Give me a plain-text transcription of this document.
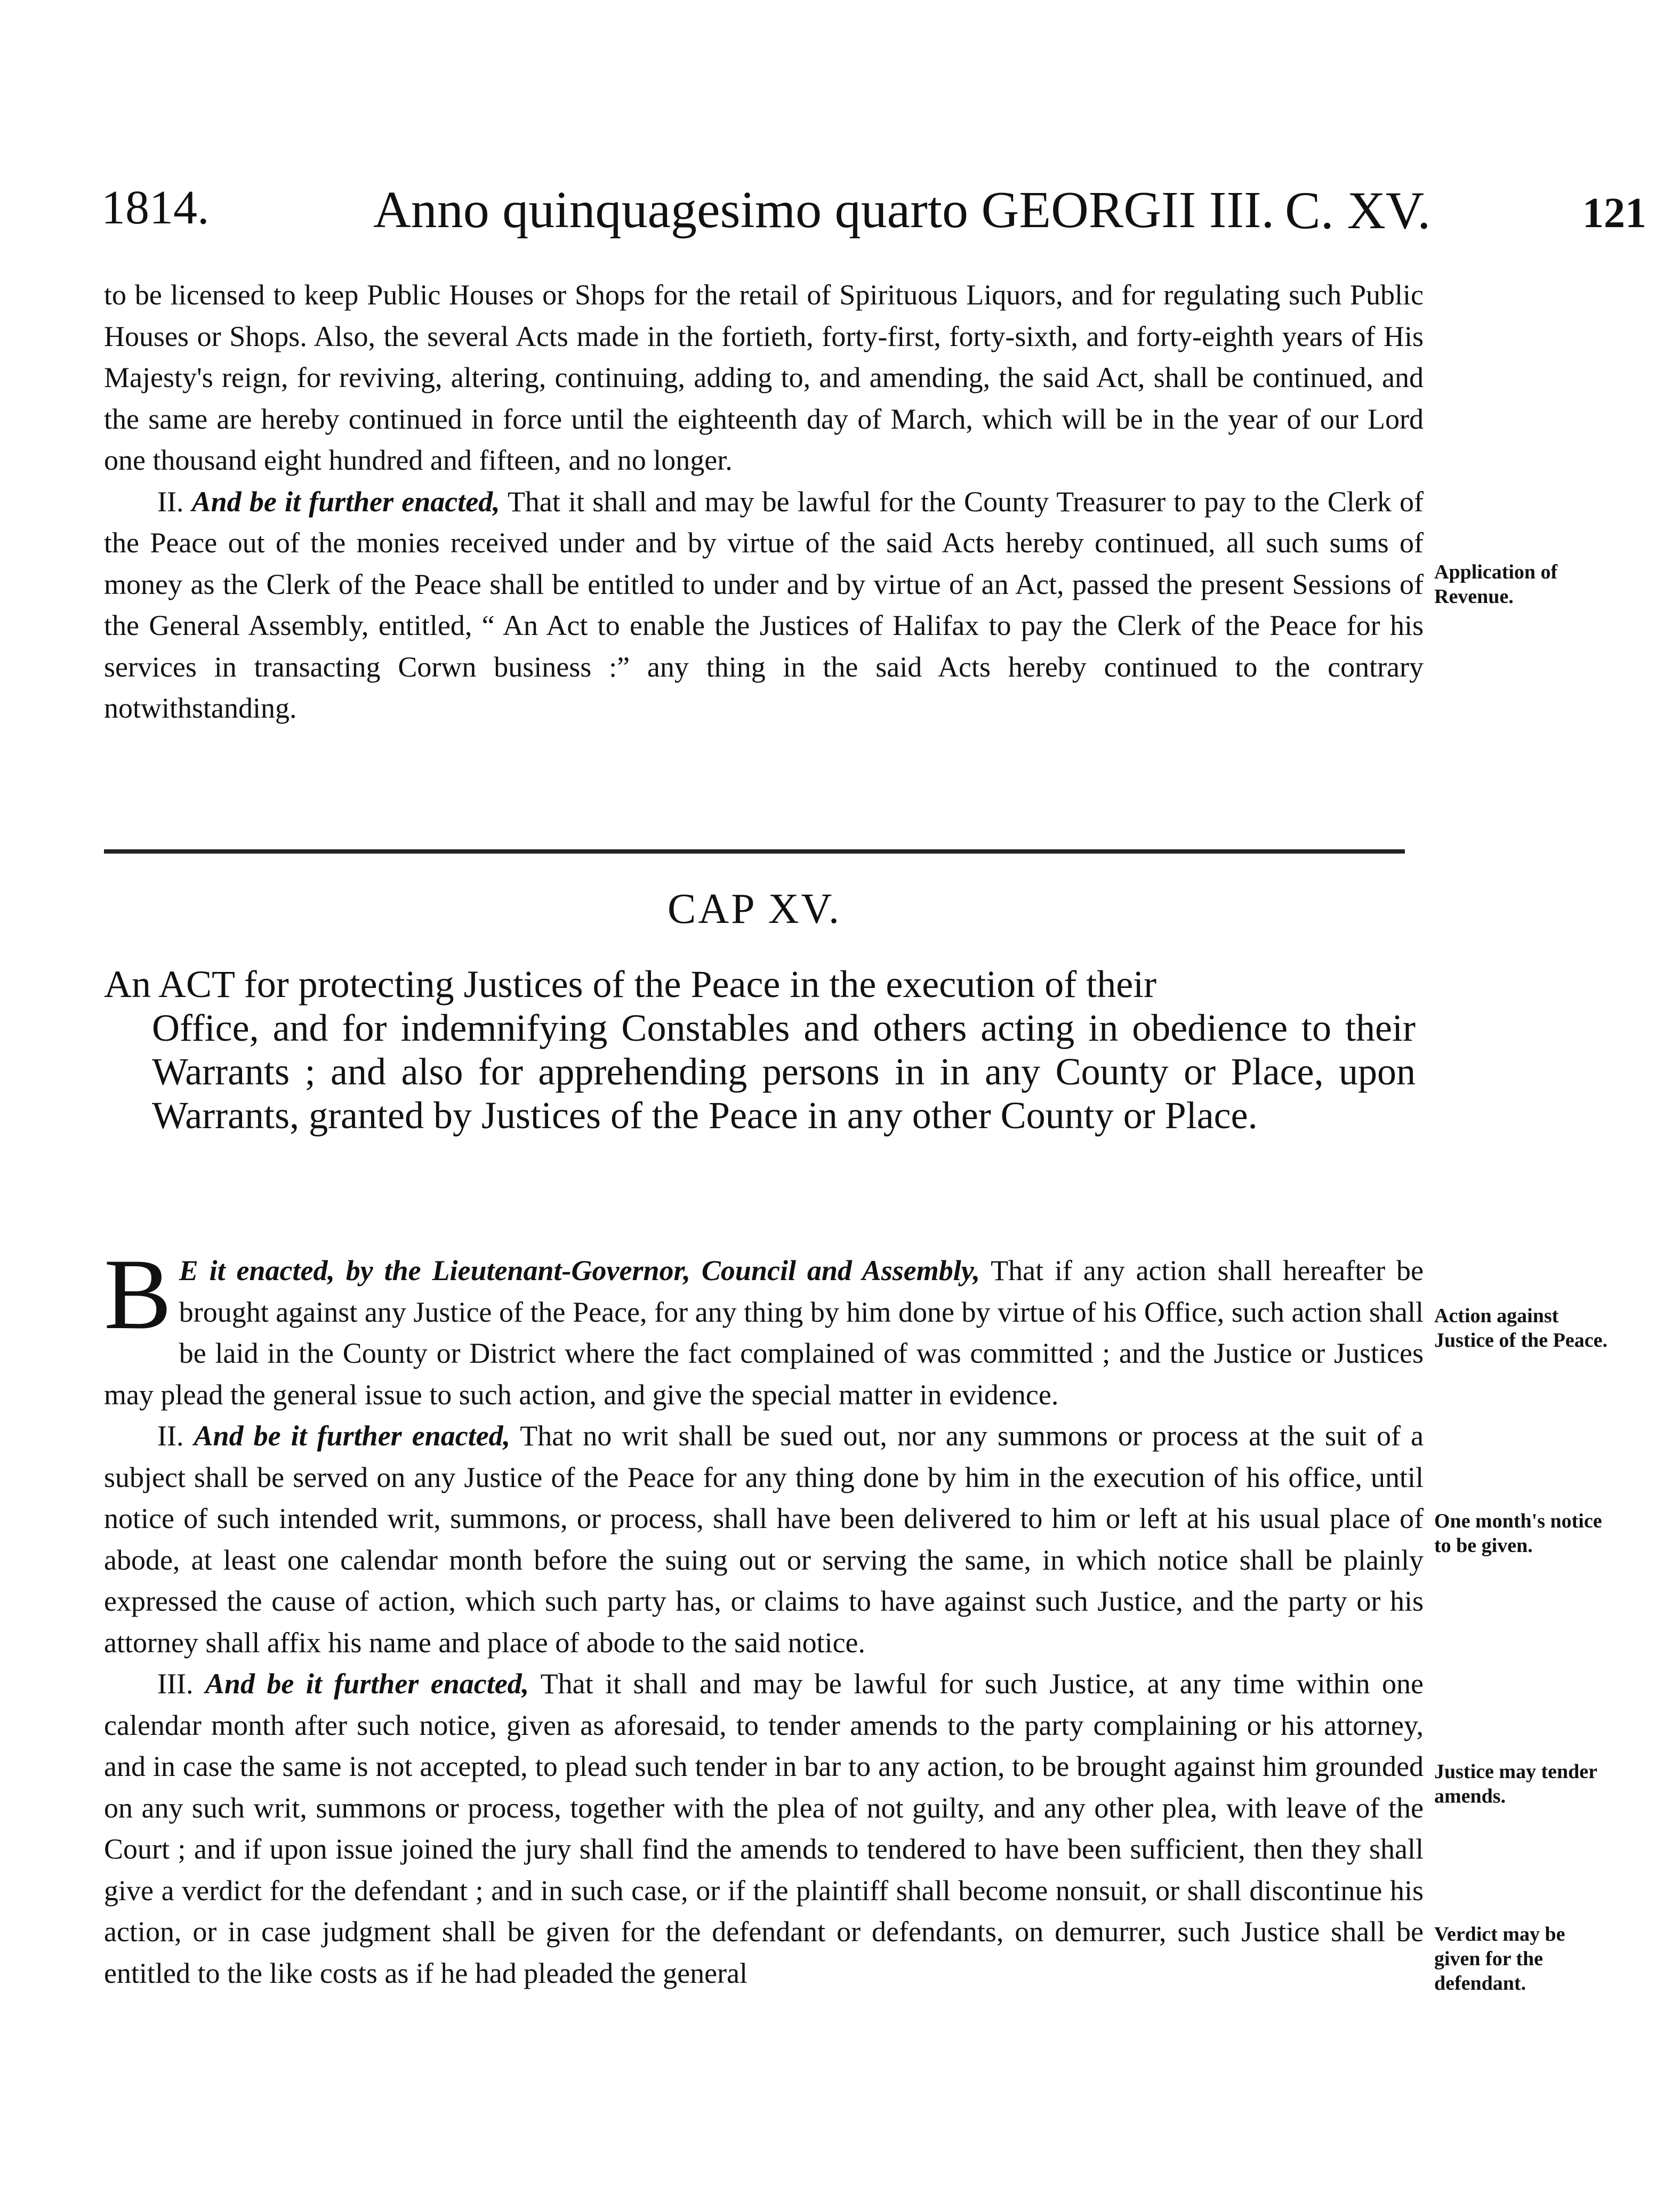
1814.	Anno quinquagesimo quarto GEORGII III. C. XV.	121

to be licensed to keep Public Houses or Shops for the retail of Spirituous Liquors, and for regulating such Public Houses or Shops. Also, the several Acts made in the fortieth, forty-first, forty-sixth, and forty-eighth years of His Majesty's reign, for reviving, altering, continuing, adding to, and amending, the said Act, shall be continued, and the same are hereby continued in force until the eighteenth day of March, which will be in the year of our Lord one thousand eight hundred and fifteen, and no longer.

II. And be it further enacted, That it shall and may be lawful for the County Treasurer to pay to the Clerk of the Peace out of the monies received under and by virtue of the said Acts hereby continued, all such sums of money as the Clerk of the Peace shall be entitled to under and by virtue of an Act, passed the present Sessions of the General Assembly, entitled, “ An Act to enable the Justices of Halifax to pay the Clerk of the Peace for his services in transacting Corwn business :” any thing in the said Acts hereby continued to the contrary notwithstanding.

Application of Revenue.
CAP XV.
An ACT for protecting Justices of the Peace in the execution of their
Office, and for indemnifying Constables and others acting in obedience to their Warrants ; and also for apprehending persons in in any County or Place, upon Warrants, granted by Justices of the Peace in any other County or Place.

B E it enacted, by the Lieutenant-Governor, Council and Assembly, That if any action shall hereafter be brought against any Justice of the Peace, for any thing by him done by virtue of his Office, such action shall be laid in the County or District where the fact complained of was committed ; and the Justice or Justices may plead the general issue to such action, and give the special matter in evidence.

II. And be it further enacted, That no writ shall be sued out, nor any summons or process at the suit of a subject shall be served on any Justice of the Peace for any thing done by him in the execution of his office, until notice of such intended writ, summons, or process, shall have been delivered to him or left at his usual place of abode, at least one calendar month before the suing out or serving the same, in which notice shall be plainly expressed the cause of action, which such party has, or claims to have against such Justice, and the party or his attorney shall affix his name and place of abode to the said notice.

III. And be it further enacted, That it shall and may be lawful for such Justice, at any time within one calendar month after such notice, given as aforesaid, to tender amends to the party complaining or his attorney, and in case the same is not accepted, to plead such tender in bar to any action, to be brought against him grounded on any such writ, summons or process, together with the plea of not guilty, and any other plea, with leave of the Court ; and if upon issue joined the jury shall find the amends to tendered to have been sufficient, then they shall give a verdict for the defendant ; and in such case, or if the plaintiff shall become nonsuit, or shall discontinue his action, or in case judgment shall be given for the defendant or defendants, on demurrer, such Justice shall be entitled to the like costs as if he had pleaded the general

Action against Justice of the Peace.
One month's notice to be given.
Justice may tender amends.
Verdict may be given for the defendant.
